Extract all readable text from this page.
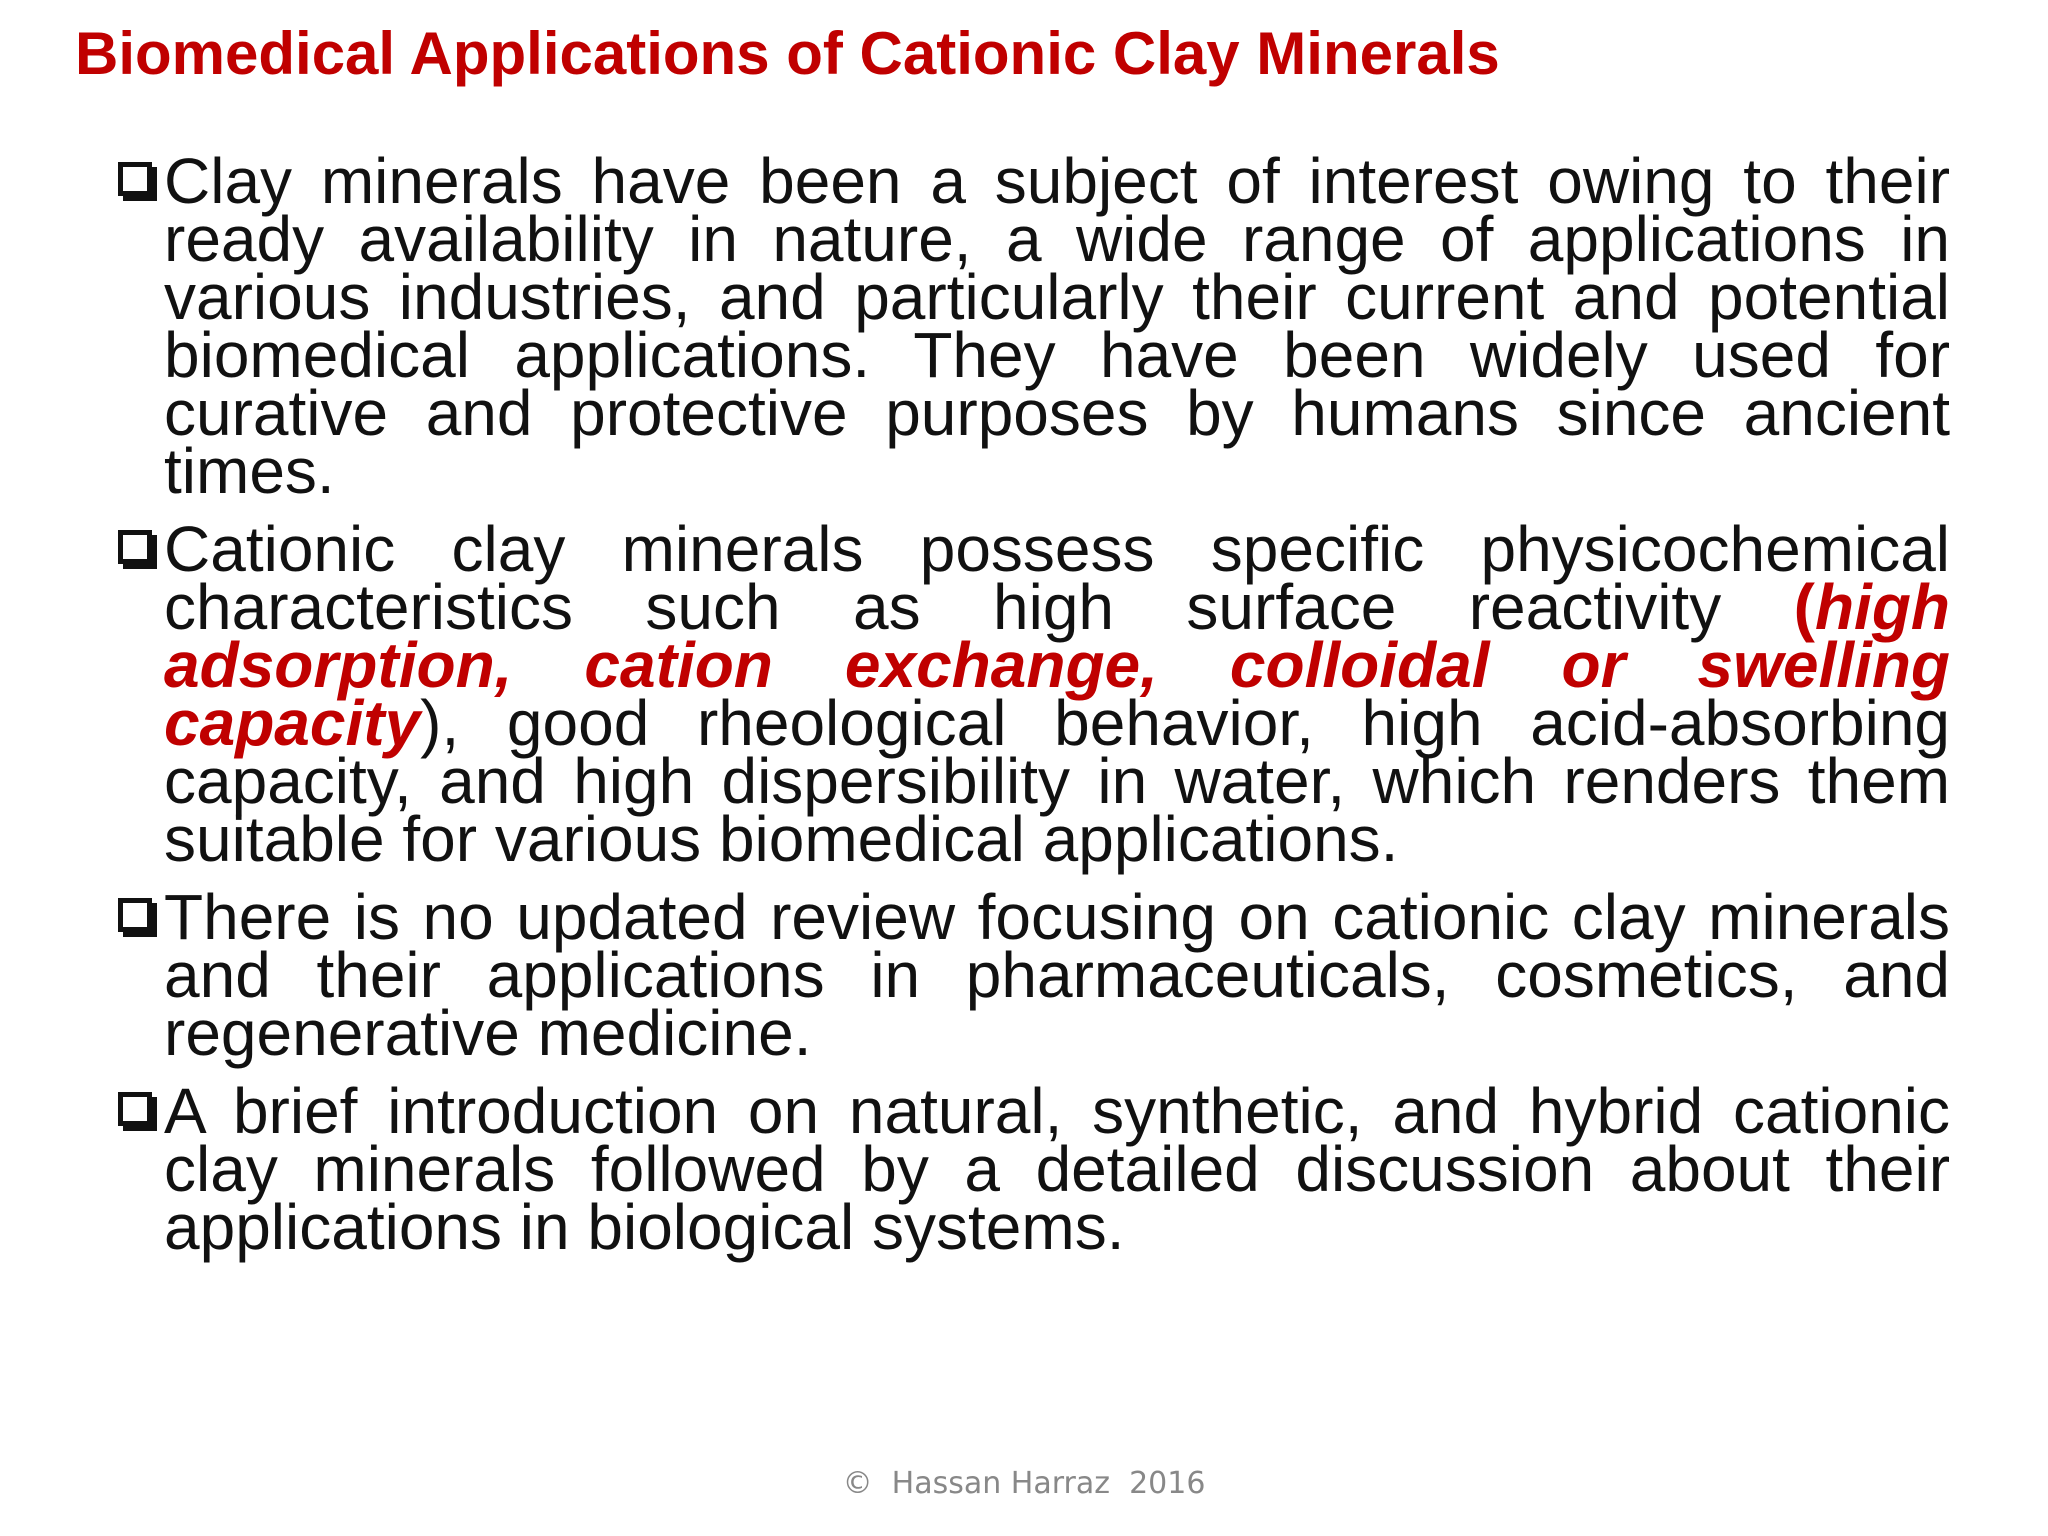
Biomedical Applications of Cationic Clay Minerals
Clay minerals have been a subject of interest owing to their ready availability in nature, a wide range of applications in various industries, and particularly their current and potential biomedical applications. They have been widely used for curative and protective purposes by humans since ancient times.
Cationic clay minerals possess specific physicochemical characteristics such as high surface reactivity (high adsorption, cation exchange, colloidal or swelling capacity), good rheological behavior, high acid-absorbing capacity, and high dispersibility in water, which renders them suitable for various biomedical applications.
There is no updated review focusing on cationic clay minerals and their applications in pharmaceuticals, cosmetics, and regenerative medicine.
A brief introduction on natural, synthetic, and hybrid cationic clay minerals followed by a detailed discussion about their applications in biological systems.
©  Hassan Harraz  2016
